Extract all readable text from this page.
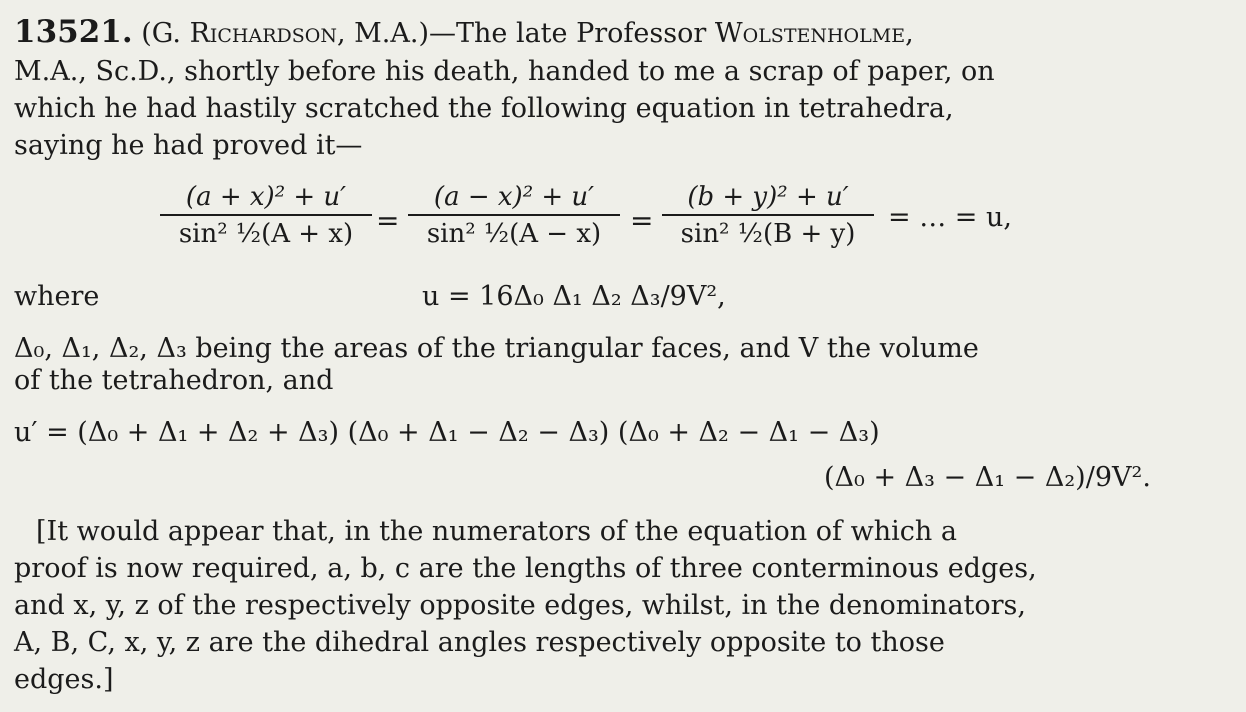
13521. (G. Richardson, M.A.)—The late Professor Wolstenholme,
M.A., Sc.D., shortly before his death, handed to me a scrap of paper, on
which he had hastily scratched the following equation in tetrahedra,
saying he had proved it—
$\frac{\text{(a + x)² + u′}}{\text{sin² ½(A + x)}} = \frac{\text{(a − x)² + u′}}{\text{sin² ½(A − x)}} = \frac{\text{(b + y)² + u′}}{\text{sin² ½(B + y)}}$ = … = u,
where	u = 16Δ₀ Δ₁ Δ₂ Δ₃/9V²,
Δ₀, Δ₁, Δ₂, Δ₃ being the areas of the triangular faces, and V the volume
of the tetrahedron, and
u′ = (Δ₀ + Δ₁ + Δ₂ + Δ₃) (Δ₀ + Δ₁ − Δ₂ − Δ₃) (Δ₀ + Δ₂ − Δ₁ − Δ₃)
(Δ₀ + Δ₃ − Δ₁ − Δ₂)/9V².
[It would appear that, in the numerators of the equation of which a
proof is now required, a, b, c are the lengths of three conterminous edges,
and x, y, z of the respectively opposite edges, whilst, in the denominators,
A, B, C, x, y, z are the dihedral angles respectively opposite to those
edges.]
